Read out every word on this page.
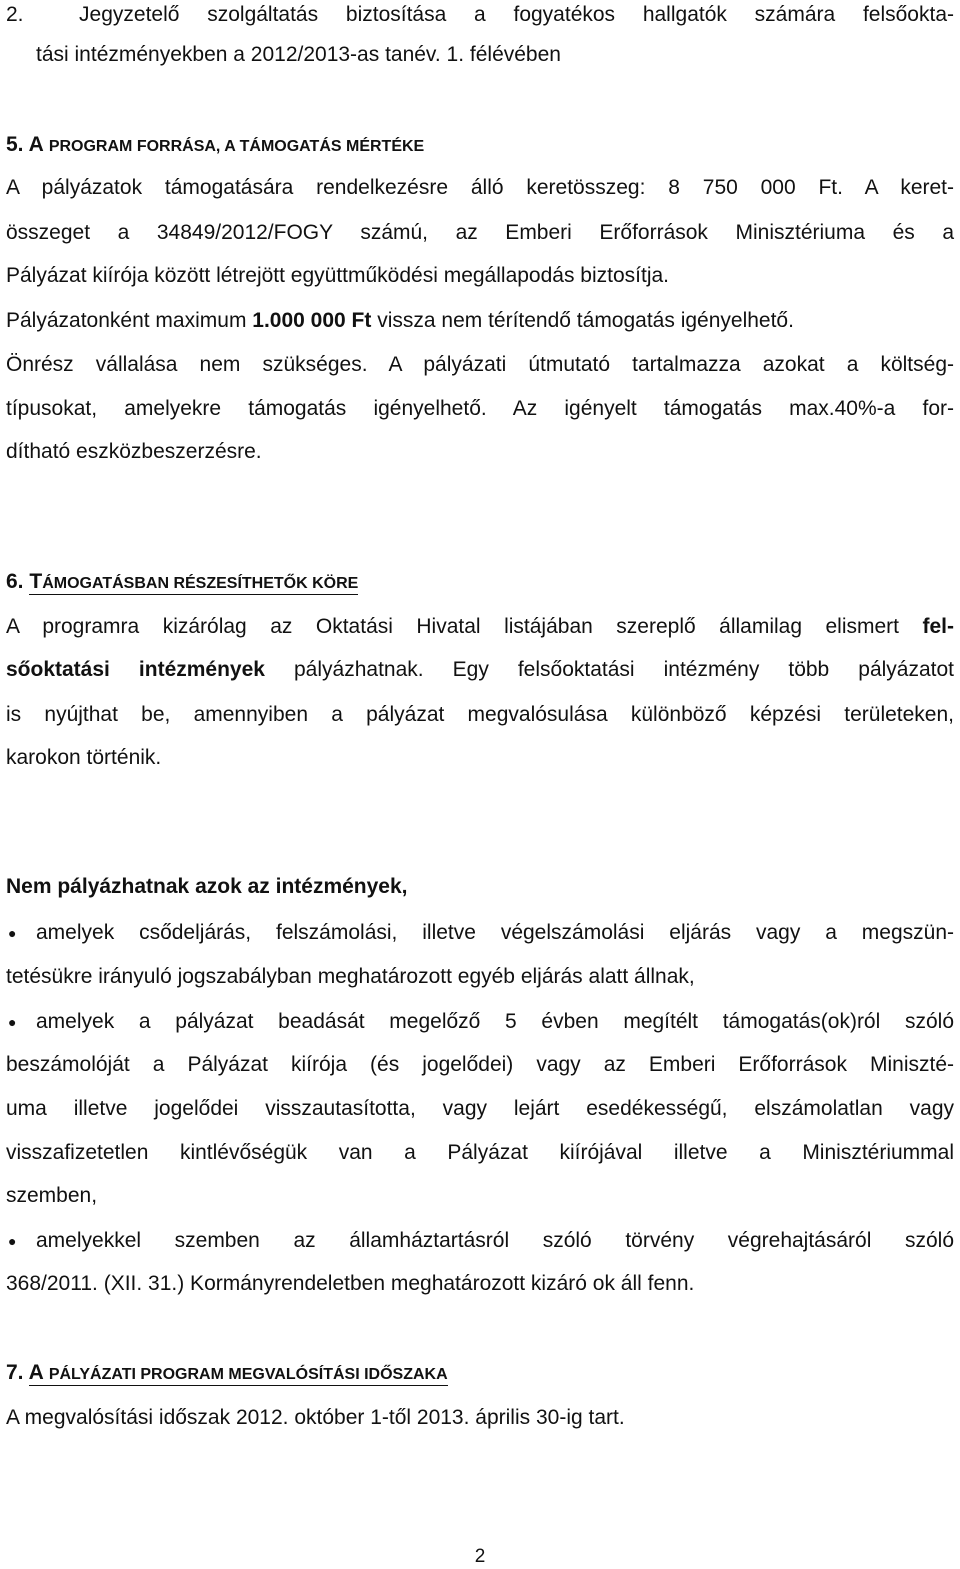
2.  Jegyzetelő szolgáltatás biztosítása a fogyatékos hallgatók számára felsőokta-
tási intézményekben a 2012/2013-as tanév. 1. félévében
5. A PROGRAM FORRÁSA, A TÁMOGATÁS MÉRTÉKE
A pályázatok támogatására rendelkezésre álló keretösszeg: 8 750 000 Ft. A keret-
összeget a 34849/2012/FOGY számú, az Emberi Erőforrások Minisztériuma és a
Pályázat kiírója között létrejött együttműködési megállapodás biztosítja.
Pályázatonként maximum 1.000 000 Ft vissza nem térítendő támogatás igényelhető.
Önrész vállalása nem szükséges. A pályázati útmutató tartalmazza azokat a költség-
típusokat, amelyekre támogatás igényelhető. Az igényelt támogatás max.40%-a for-
dítható eszközbeszerzésre.
6. TÁMOGATÁSBAN RÉSZESÍTHETŐK KÖRE
A programra kizárólag az Oktatási Hivatal listájában szereplő államilag elismert fel-
sőoktatási intézmények pályázhatnak. Egy felsőoktatási intézmény több pályázatot
is nyújthat be, amennyiben a pályázat megvalósulása különböző képzési területeken,
karokon történik.
Nem pályázhatnak azok az intézmények,
● amelyek csődeljárás, felszámolási, illetve végelszámolási eljárás vagy a megszün-
tetésükre irányuló jogszabályban meghatározott egyéb eljárás alatt állnak,
● amelyek a pályázat beadását megelőző 5 évben megítélt támogatás(ok)ról szóló
beszámolóját a Pályázat kiírója (és jogelődei) vagy az Emberi Erőforrások Miniszté-
uma illetve jogelődei visszautasította, vagy lejárt esedékességű, elszámolatlan vagy
visszafizetetlen kintlévőségük van a Pályázat kiírójával illetve a Minisztériummal
szemben,
● amelyekkel szemben az államháztartásról szóló törvény végrehajtásáról szóló
368/2011. (XII. 31.) Kormányrendeletben meghatározott kizáró ok áll fenn.
7. A PÁLYÁZATI PROGRAM MEGVALÓSÍTÁSI IDŐSZAKA
A megvalósítási időszak 2012. október 1-től 2013. április 30-ig tart.
2
